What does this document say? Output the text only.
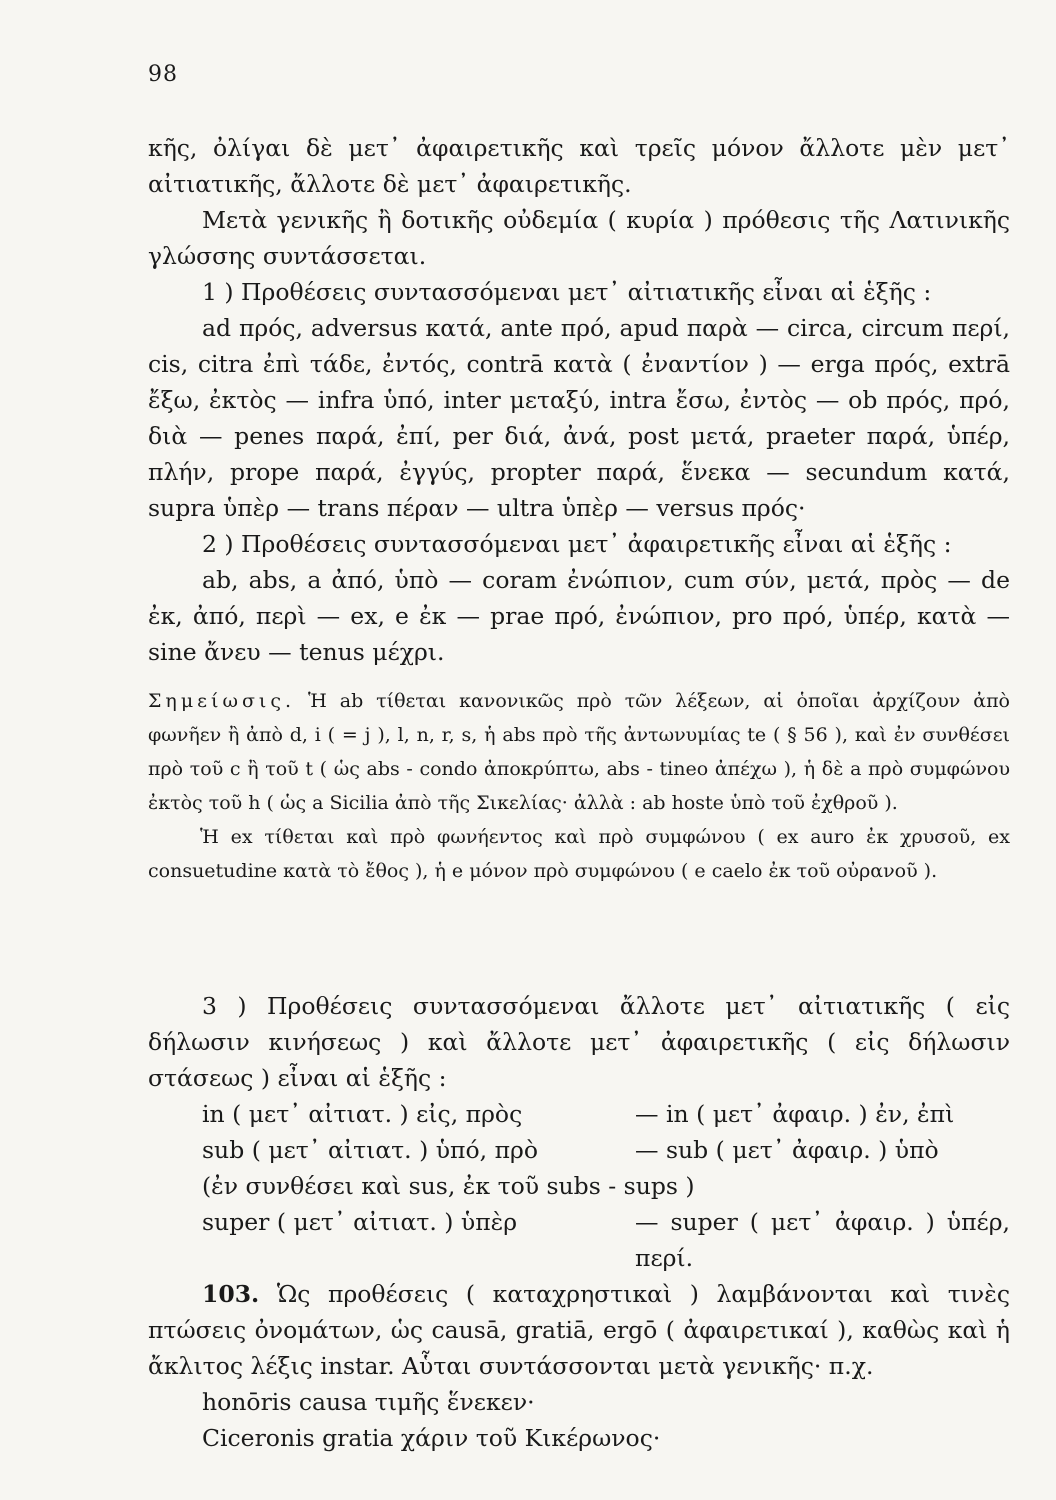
98

κῆς, ὀλίγαι δὲ μετ᾿ ἀφαιρετικῆς καὶ τρεῖς μόνον ἄλλοτε μὲν μετ᾿ αἰτιατικῆς, ἄλλοτε δὲ μετ᾿ ἀφαιρετικῆς.

Μετὰ γενικῆς ἢ δοτικῆς οὐδεμία ( κυρία ) πρόθεσις τῆς Λατινικῆς γλώσσης συντάσσεται.

1 ) Προθέσεις συντασσόμεναι μετ᾿ αἰτιατικῆς εἶναι αἱ ἑξῆς :

ad πρός, adversus κατά, ante πρό, apud παρὰ — circa, circum περί, cis, citra ἐπὶ τάδε, ἐντός, contrā κατὰ ( ἐναντίον ) — erga πρός, extrā ἔξω, ἐκτὸς — infra ὑπό, inter μεταξύ, intra ἔσω, ἐντὸς — ob πρός, πρό, διὰ — penes παρά, ἐπί, per διά, ἀνά, post μετά, praeter παρά, ὑπέρ, πλήν, prope παρά, ἐγγύς, propter παρά, ἕνεκα — secundum κατά, supra ὑπὲρ — trans πέραν — ultra ὑπὲρ — versus πρός·

2 ) Προθέσεις συντασσόμεναι μετ᾿ ἀφαιρετικῆς εἶναι αἱ ἑξῆς :

ab, abs, a ἀπό, ὑπὸ — coram ἐνώπιον, cum σύν, μετά, πρὸς — de ἐκ, ἀπό, περὶ — ex, e ἐκ — prae πρό, ἐνώπιον, pro πρό, ὑπέρ, κατὰ — sine ἄνευ — tenus μέχρι.

Σημείωσις. Ἡ ab τίθεται κανονικῶς πρὸ τῶν λέξεων, αἱ ὁποῖαι ἀρχίζουν ἀπὸ φωνῆεν ἢ ἀπὸ d, i ( = j ), l, n, r, s, ἡ abs πρὸ τῆς ἀντωνυμίας te ( § 56 ), καὶ ἐν συνθέσει πρὸ τοῦ c ἢ τοῦ t ( ὡς abs - condo ἀποκρύπτω, abs - tineo ἀπέχω ), ἡ δὲ a πρὸ συμφώνου ἐκτὸς τοῦ h ( ὡς a Sicilia ἀπὸ τῆς Σικελίας· ἀλλὰ : ab hoste ὑπὸ τοῦ ἐχθροῦ ).

Ἡ ex τίθεται καὶ πρὸ φωνήεντος καὶ πρὸ συμφώνου ( ex auro ἐκ χρυσοῦ, ex consuetudine κατὰ τὸ ἔθος ), ἡ e μόνον πρὸ συμφώνου ( e caelo ἐκ τοῦ οὐρανοῦ ).

3 ) Προθέσεις συντασσόμεναι ἄλλοτε μετ᾿ αἰτιατικῆς ( εἰς δήλωσιν κινήσεως ) καὶ ἄλλοτε μετ᾿ ἀφαιρετικῆς ( εἰς δήλωσιν στάσεως ) εἶναι αἱ ἑξῆς :

in ( μετ᾿ αἰτιατ. ) εἰς, πρὸς	— in ( μετ᾿ ἀφαιρ. ) ἐν, ἐπὶ
sub ( μετ᾿ αἰτιατ. ) ὑπό, πρὸ	— sub ( μετ᾿ ἀφαιρ. ) ὑπὸ
(ἐν συνθέσει καὶ sus, ἐκ τοῦ subs - sups )
super ( μετ᾿ αἰτιατ. ) ὑπὲρ	— super ( μετ᾿ ἀφαιρ. ) ὑπέρ, περί.

103. Ὡς προθέσεις ( καταχρηστικαὶ ) λαμβάνονται καὶ τινὲς πτώσεις ὀνομάτων, ὡς causā, gratiā, ergō ( ἀφαιρετικαί ), καθὼς καὶ ἡ ἄκλιτος λέξις instar. Αὗται συντάσσονται μετὰ γενικῆς· π.χ.

honōris causa τιμῆς ἕνεκεν·

Ciceronis gratia χάριν τοῦ Κικέρωνος·
